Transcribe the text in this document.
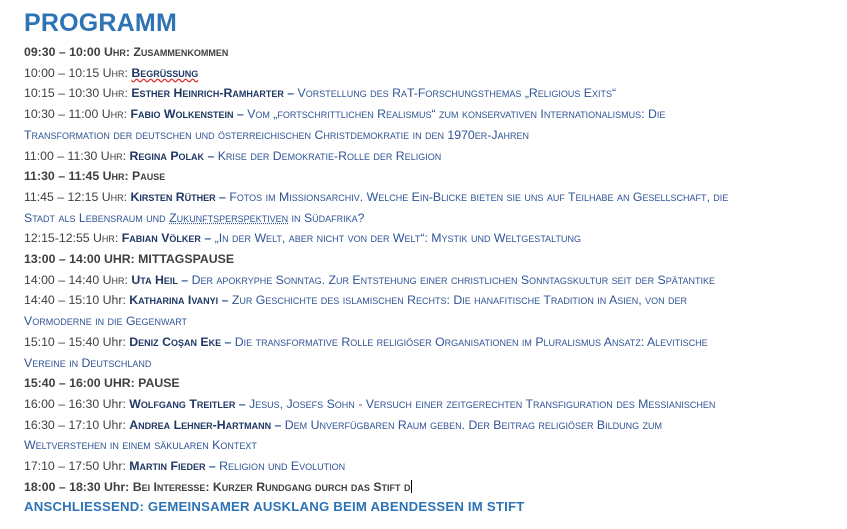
PROGRAMM
09:30 – 10:00 Uhr: Zusammenkommen
10:00 – 10:15 Uhr: Begrüßung
10:15 – 10:30 Uhr: Esther Heinrich-Ramharter – Vorstellung des RaT-Forschungsthemas „Religious Exits“
10:30 – 11:00 Uhr: Fabio Wolkenstein – Vom „fortschrittlichen Realismus“ zum konservativen Internationalismus: Die
Transformation der deutschen und österreichischen Christdemokratie in den 1970er-Jahren
11:00 – 11:30 Uhr: Regina Polak – Krise der Demokratie-Rolle der Religion
11:30 – 11:45 Uhr: Pause
11:45 – 12:15 Uhr: Kirsten Rüther – Fotos im Missionsarchiv. Welche Ein-Blicke bieten sie uns auf Teilhabe an Gesellschaft, die
Stadt als Lebensraum und Zukunftsperspektiven in Südafrika?
12:15-12:55 Uhr: Fabian Völker – „In der Welt, aber nicht von der Welt“: Mystik und Weltgestaltung
13:00 – 14:00 UHR: MITTAGSPAUSE
14:00 – 14:40 Uhr: Uta Heil – Der apokryphe Sonntag. Zur Entstehung einer christlichen Sonntagskultur seit der Spätantike
14:40 – 15:10 Uhr: Katharina Ivanyi – Zur Geschichte des islamischen Rechts: Die hanafitische Tradition in Asien, von der
Vormoderne in die Gegenwart
15:10 – 15:40 Uhr: Deniz Coşan Eke – Die transformative Rolle religiöser Organisationen im Pluralismus Ansatz: Alevitische
Vereine in Deutschland
15:40 – 16:00 UHR: PAUSE
16:00 – 16:30 Uhr: Wolfgang Treitler – Jesus, Josefs Sohn - Versuch einer zeitgerechten Transfiguration des Messianischen
16:30 – 17:10 Uhr: Andrea Lehner-Hartmann – Dem Unverfügbaren Raum geben. Der Beitrag religiöser Bildung zum
Weltverstehen in einem säkularen Kontext
17:10 – 17:50 Uhr: Martin Fieder – Religion und Evolution
18:00 – 18:30 Uhr: Bei Interesse: Kurzer Rundgang durch das Stift d
ANSCHLIESSEND: GEMEINSAMER AUSKLANG BEIM ABENDESSEN IM STIFT
